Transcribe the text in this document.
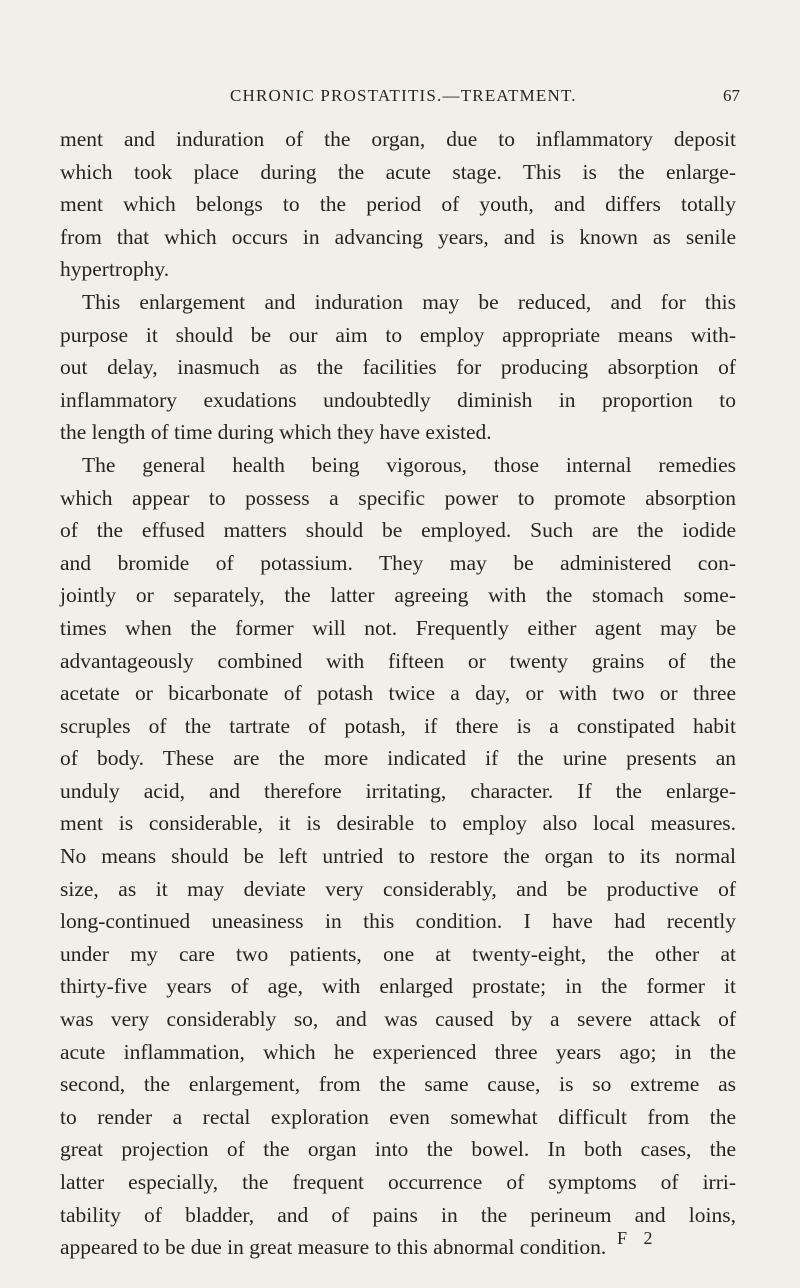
CHRONIC PROSTATITIS.—TREATMENT.	67
ment and induration of the organ, due to inflammatory deposit
which took place during the acute stage. This is the enlarge-
ment which belongs to the period of youth, and differs totally
from that which occurs in advancing years, and is known as senile
hypertrophy.
This enlargement and induration may be reduced, and for this
purpose it should be our aim to employ appropriate means with-
out delay, inasmuch as the facilities for producing absorption of
inflammatory exudations undoubtedly diminish in proportion to
the length of time during which they have existed.
The general health being vigorous, those internal remedies
which appear to possess a specific power to promote absorption
of the effused matters should be employed. Such are the iodide
and bromide of potassium. They may be administered con-
jointly or separately, the latter agreeing with the stomach some-
times when the former will not. Frequently either agent may be
advantageously combined with fifteen or twenty grains of the
acetate or bicarbonate of potash twice a day, or with two or three
scruples of the tartrate of potash, if there is a constipated habit
of body. These are the more indicated if the urine presents an
unduly acid, and therefore irritating, character. If the enlarge-
ment is considerable, it is desirable to employ also local measures.
No means should be left untried to restore the organ to its normal
size, as it may deviate very considerably, and be productive of
long-continued uneasiness in this condition. I have had recently
under my care two patients, one at twenty-eight, the other at
thirty-five years of age, with enlarged prostate; in the former it
was very considerably so, and was caused by a severe attack of
acute inflammation, which he experienced three years ago; in the
second, the enlargement, from the same cause, is so extreme as
to render a rectal exploration even somewhat difficult from the
great projection of the organ into the bowel. In both cases, the
latter especially, the frequent occurrence of symptoms of irri-
tability of bladder, and of pains in the perineum and loins,
appeared to be due in great measure to this abnormal condition. F 2
